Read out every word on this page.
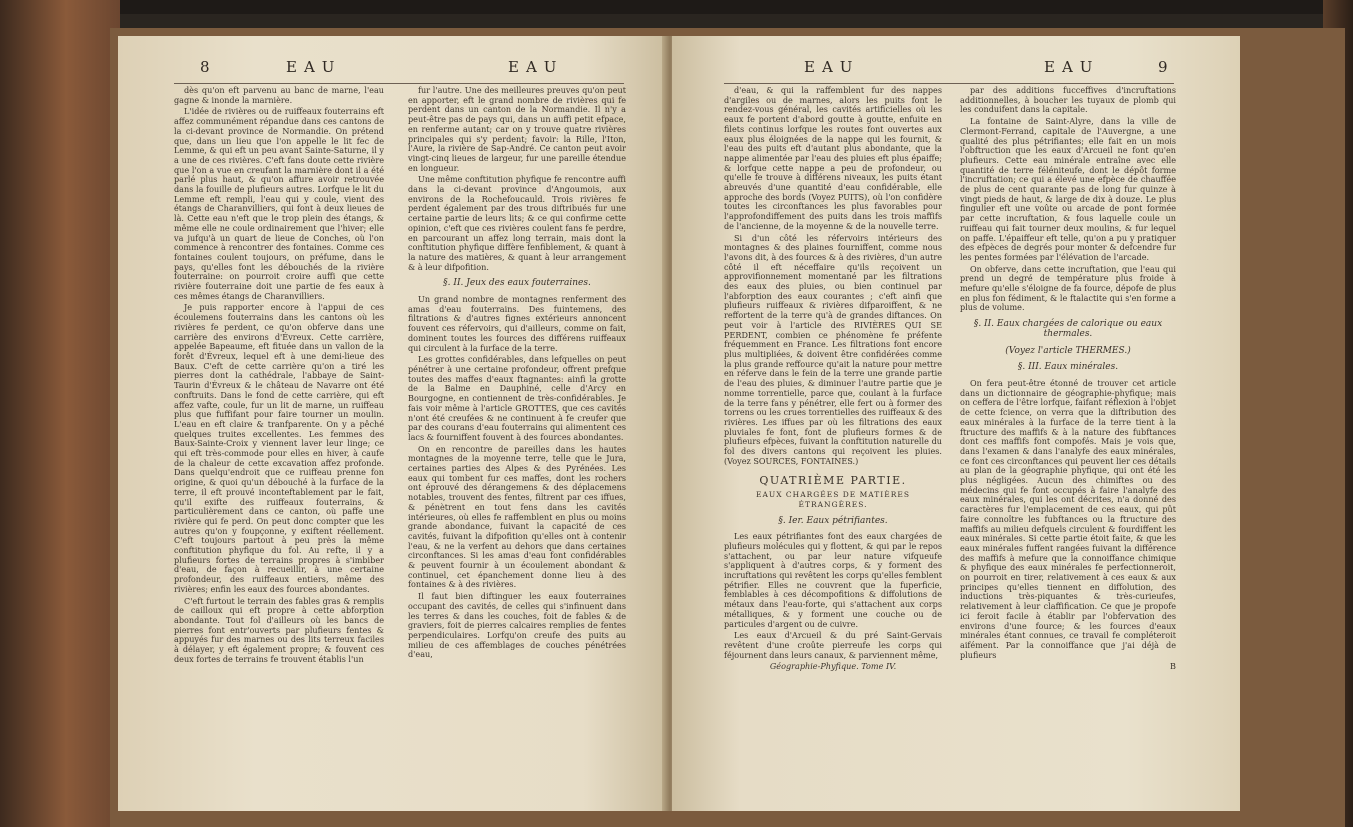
8	EAU	EAU

dès qu'on eft parvenu au banc de marne, l'eau gagne & inonde la marnière.

L'idée de rivières ou de ruiffeaux fouterrains eft affez communément répandue dans ces cantons de la ci-devant province de Normandie. On prétend que, dans un lieu que l'on appelle le lit fec de Lemme, & qui eft un peu avant Sainte-Saturne, il y a une de ces rivières. C'eft fans doute cette rivière que l'on a vue en creufant la marnière dont il a été parlé plus haut, & qu'on affure avoir retrouvée dans la fouille de plufieurs autres. Lorfque le lit du Lemme eft rempli, l'eau qui y coule, vient des étangs de Charanvilliers, qui font à deux lieues de là. Cette eau n'eft que le trop plein des étangs, & même elle ne coule ordinairement que l'hiver; elle va jufqu'à un quart de lieue de Conches, où l'on commence à rencontrer des fontaines. Comme ces fontaines coulent toujours, on préfume, dans le pays, qu'elles font les débouchés de la rivière fouterraine: on pourroit croire auffi que cette rivière fouterraine doit une partie de fes eaux à ces mêmes étangs de Charanvilliers.

Je puis rapporter encore à l'appui de ces écoulemens fouterrains dans les cantons où les rivières fe perdent, ce qu'on obferve dans une carrière des environs d'Évreux. Cette carrière, appelée Bapeaume, eft fituée dans un vallon de la forêt d'Évreux, lequel eft à une demi-lieue des Baux. C'eft de cette carrière qu'on a tiré les pierres dont la cathédrale, l'abbaye de Saint-Taurin d'Évreux & le château de Navarre ont été conftruits. Dans le fond de cette carrière, qui eft affez vafte, coule, fur un lit de marne, un ruiffeau plus que fuffifant pour faire tourner un moulin. L'eau en eft claire & tranfparente. On y a pêché quelques truites excellentes. Les femmes des Baux-Sainte-Croix y viennent laver leur linge; ce qui eft très-commode pour elles en hiver, à caufe de la chaleur de cette excavation affez profonde. Dans quelqu'endroit que ce ruiffeau prenne fon origine, & quoi qu'un débouché à la furface de la terre, il eft prouvé inconteftablement par le fait, qu'il exifte des ruiffeaux fouterrains, & particulièrement dans ce canton, où paffe une rivière qui fe perd. On peut donc compter que les autres qu'on y foupçonne, y exiftent réellement. C'eft toujours partout à peu près la même conftitution phyfique du fol. Au refte, il y a plufieurs fortes de terrains propres à s'imbiber d'eau, de façon à recueillir, à une certaine profondeur, des ruiffeaux entiers, même des rivières; enfin les eaux des fources abondantes.

C'eft furtout le terrain des fables gras & remplis de cailloux qui eft propre à cette abforption abondante. Tout fol d'ailleurs où les bancs de pierres font entr'ouverts par plufieurs fentes & appuyés fur des marnes ou des lits terreux faciles à délayer, y eft également propre; & fouvent ces deux fortes de terrains fe trouvent établis l'un

fur l'autre. Une des meilleures preuves qu'on peut en apporter, eft le grand nombre de rivières qui fe perdent dans un canton de la Normandie. Il n'y a peut-être pas de pays qui, dans un auffi petit efpace, en renferme autant; car on y trouve quatre rivières principales qui s'y perdent; favoir: la Rille, l'Iton, l'Aure, la rivière de Sap-André. Ce canton peut avoir vingt-cinq lieues de largeur, fur une pareille étendue en longueur.

Une même conftitution phyfique fe rencontre auffi dans la ci-devant province d'Angoumois, aux environs de la Rochefoucauld. Trois rivières fe perdent également par des trous diftribués fur une certaine partie de leurs lits; & ce qui confirme cette opinion, c'eft que ces rivières coulent fans fe perdre, en parcourant un affez long terrain, mais dont la conftitution phyfique diffère fenfiblement, & quant à la nature des matières, & quant à leur arrangement & à leur difpofition.

§. II. Jeux des eaux fouterraines.

Un grand nombre de montagnes renferment des amas d'eau fouterrains. Des fuintemens, des filtrations & d'autres fignes extérieurs annoncent fouvent ces réfervoirs, qui d'ailleurs, comme on fait, dominent toutes les fources des différens ruiffeaux qui circulent à la furface de la terre.

Les grottes confidérables, dans lefquelles on peut pénétrer à une certaine profondeur, offrent prefque toutes des maffes d'eaux ftagnantes: ainfi la grotte de la Balme en Dauphiné, celle d'Arcy en Bourgogne, en contiennent de très-confidérables. Je fais voir même à l'article GROTTES, que ces cavités n'ont été creufées & ne continuent à fe creufer que par des courans d'eau fouterrains qui alimentent ces lacs & fourniffent fouvent à des fources abondantes.

On en rencontre de pareilles dans les hautes montagnes de la moyenne terre, telle que le Jura, certaines parties des Alpes & des Pyrénées. Les eaux qui tombent fur ces maffes, dont les rochers ont éprouvé des dérangemens & des déplacemens notables, trouvent des fentes, filtrent par ces iffues, & pénètrent en tout fens dans les cavités intérieures, où elles fe raffemblent en plus ou moins grande abondance, fuivant la capacité de ces cavités, fuivant la difpofition qu'elles ont à contenir l'eau, & ne la verfent au dehors que dans certaines circonftances. Si les amas d'eau font confidérables & peuvent fournir à un écoulement abondant & continuel, cet épanchement donne lieu à des fontaines & à des rivières.

Il faut bien diftinguer les eaux fouterraines occupant des cavités, de celles qui s'infinuent dans les terres & dans les couches, foit de fables & de graviers, foit de pierres calcaires remplies de fentes perpendiculaires. Lorfqu'on creufe des puits au milieu de ces affemblages de couches pénétrées d'eau,

EAU	EAU	9

d'eau, & qui la raffemblent fur des nappes d'argiles ou de marnes, alors les puits font le rendez-vous général, les cavités artificielles où les eaux fe portent d'abord goutte à goutte, enfuite en filets continus lorfque les routes font ouvertes aux eaux plus éloignées de la nappe qui les fournit, & l'eau des puits eft d'autant plus abondante, que la nappe alimentée par l'eau des pluies eft plus épaiffe; & lorfque cette nappe a peu de profondeur, ou qu'elle fe trouve à différens niveaux, les puits étant abreuvés d'une quantité d'eau confidérable, elle approche des bords (Voyez PUITS), où l'on confidère toutes les circonftances les plus favorables pour l'approfondiffement des puits dans les trois maffifs de l'ancienne, de la moyenne & de la nouvelle terre.

Si d'un côté les réfervoirs intérieurs des montagnes & des plaines fourniffent, comme nous l'avons dit, à des fources & à des rivières, d'un autre côté il eft néceffaire qu'ils reçoivent un approvifionnement momentané par les filtrations des eaux des pluies, ou bien continuel par l'abforption des eaux courantes ; c'eft ainfi que plufieurs ruiffeaux & rivières difparoiffent, & ne reffortent de la terre qu'à de grandes diftances. On peut voir à l'article des RIVIÈRES QUI SE PERDENT, combien ce phénomène fe préfente fréquemment en France. Les filtrations font encore plus multipliées, & doivent être confidérées comme la plus grande reffource qu'ait la nature pour mettre en réferve dans le fein de la terre une grande partie de l'eau des pluies, & diminuer l'autre partie que je nomme torrentielle, parce que, coulant à la furface de la terre fans y pénétrer, elle fert ou à former des torrens ou les crues torrentielles des ruiffeaux & des rivières. Les iffues par où les filtrations des eaux pluviales fe font, font de plufieurs formes & de plufieurs efpèces, fuivant la conftitution naturelle du fol des divers cantons qui reçoivent les pluies. (Voyez SOURCES, FONTAINES.)

QUATRIÈME PARTIE.

EAUX CHARGÉES DE MATIÈRES ÉTRANGÈRES.

§. Ier. Eaux pétrifiantes.

Les eaux pétrifiantes font des eaux chargées de plufieurs molécules qui y flottent, & qui par le repos s'attachent, ou par leur nature vifqueufe s'appliquent à d'autres corps, & y forment des incruftations qui revêtent les corps qu'elles femblent pétrifier. Elles ne couvrent que la fuperficie, femblables à ces décompofitions & diffolutions de métaux dans l'eau-forte, qui s'attachent aux corps métalliques, & y forment une couche ou de particules d'argent ou de cuivre.

Les eaux d'Arcueil & du pré Saint-Gervais revêtent d'une croûte pierreufe les corps qui féjournent dans leurs canaux, & parviennent même,

Géographie-Phyfique. Tome IV.

par des additions fucceffives d'incruftations additionnelles, à boucher les tuyaux de plomb qui les conduifent dans la capitale.

La fontaine de Saint-Alyre, dans la ville de Clermont-Ferrand, capitale de l'Auvergne, a une qualité des plus pétrifiantes; elle fait en un mois l'obftruction que les eaux d'Arcueil ne font qu'en plufieurs. Cette eau minérale entraîne avec elle quantité de terre féléniteufe, dont le dépôt forme l'incruftation; ce qui a élevé une efpèce de chauffée de plus de cent quarante pas de long fur quinze à vingt pieds de haut, & large de dix à douze. Le plus fingulier eft une voûte ou arcade de pont formée par cette incruftation, & fous laquelle coule un ruiffeau qui fait tourner deux moulins, & fur lequel on paffe. L'épaiffeur eft telle, qu'on a pu y pratiquer des efpèces de degrés pour monter & defcendre fur les pentes formées par l'élévation de l'arcade.

On obferve, dans cette incruftation, que l'eau qui prend un degré de température plus froide à mefure qu'elle s'éloigne de fa fource, dépofe de plus en plus fon fédiment, & le ftalactite qui s'en forme a plus de volume.

§. II. Eaux chargées de calorique ou eaux thermales.

(Voyez l'article THERMES.)

§. III. Eaux minérales.

On fera peut-être étonné de trouver cet article dans un dictionnaire de géographie-phyfique; mais on ceffera de l'être lorfque, faifant réflexion à l'objet de cette fcience, on verra que la diftribution des eaux minérales à la furface de la terre tient à la ftructure des maffifs & à la nature des fubftances dont ces maffifs font compofés. Mais je vois que, dans l'examen & dans l'analyfe des eaux minérales, ce font ces circonftances qui peuvent lier ces détails au plan de la géographie phyfique, qui ont été les plus négligées. Aucun des chimiftes ou des médecins qui fe font occupés à faire l'analyfe des eaux minérales, qui les ont décrites, n'a donné des caractères fur l'emplacement de ces eaux, qui pût faire connoître les fubftances ou la ftructure des maffifs au milieu defquels circulent & fourdiffent les eaux minérales. Si cette partie étoit faite, & que les eaux minérales fuffent rangées fuivant la différence des maffifs à mefure que la connoiffance chimique & phyfique des eaux minérales fe perfectionneroit, on pourroit en tirer, relativement à ces eaux & aux principes qu'elles tiennent en diffolution, des inductions très-piquantes & très-curieufes, relativement à leur claffification. Ce que je propofe ici feroit facile à établir par l'obfervation des environs d'une fource; & les fources d'eaux minérales étant connues, ce travail fe compléteroit aifément. Par la connoiffance que j'ai déjà de plufieurs

B
